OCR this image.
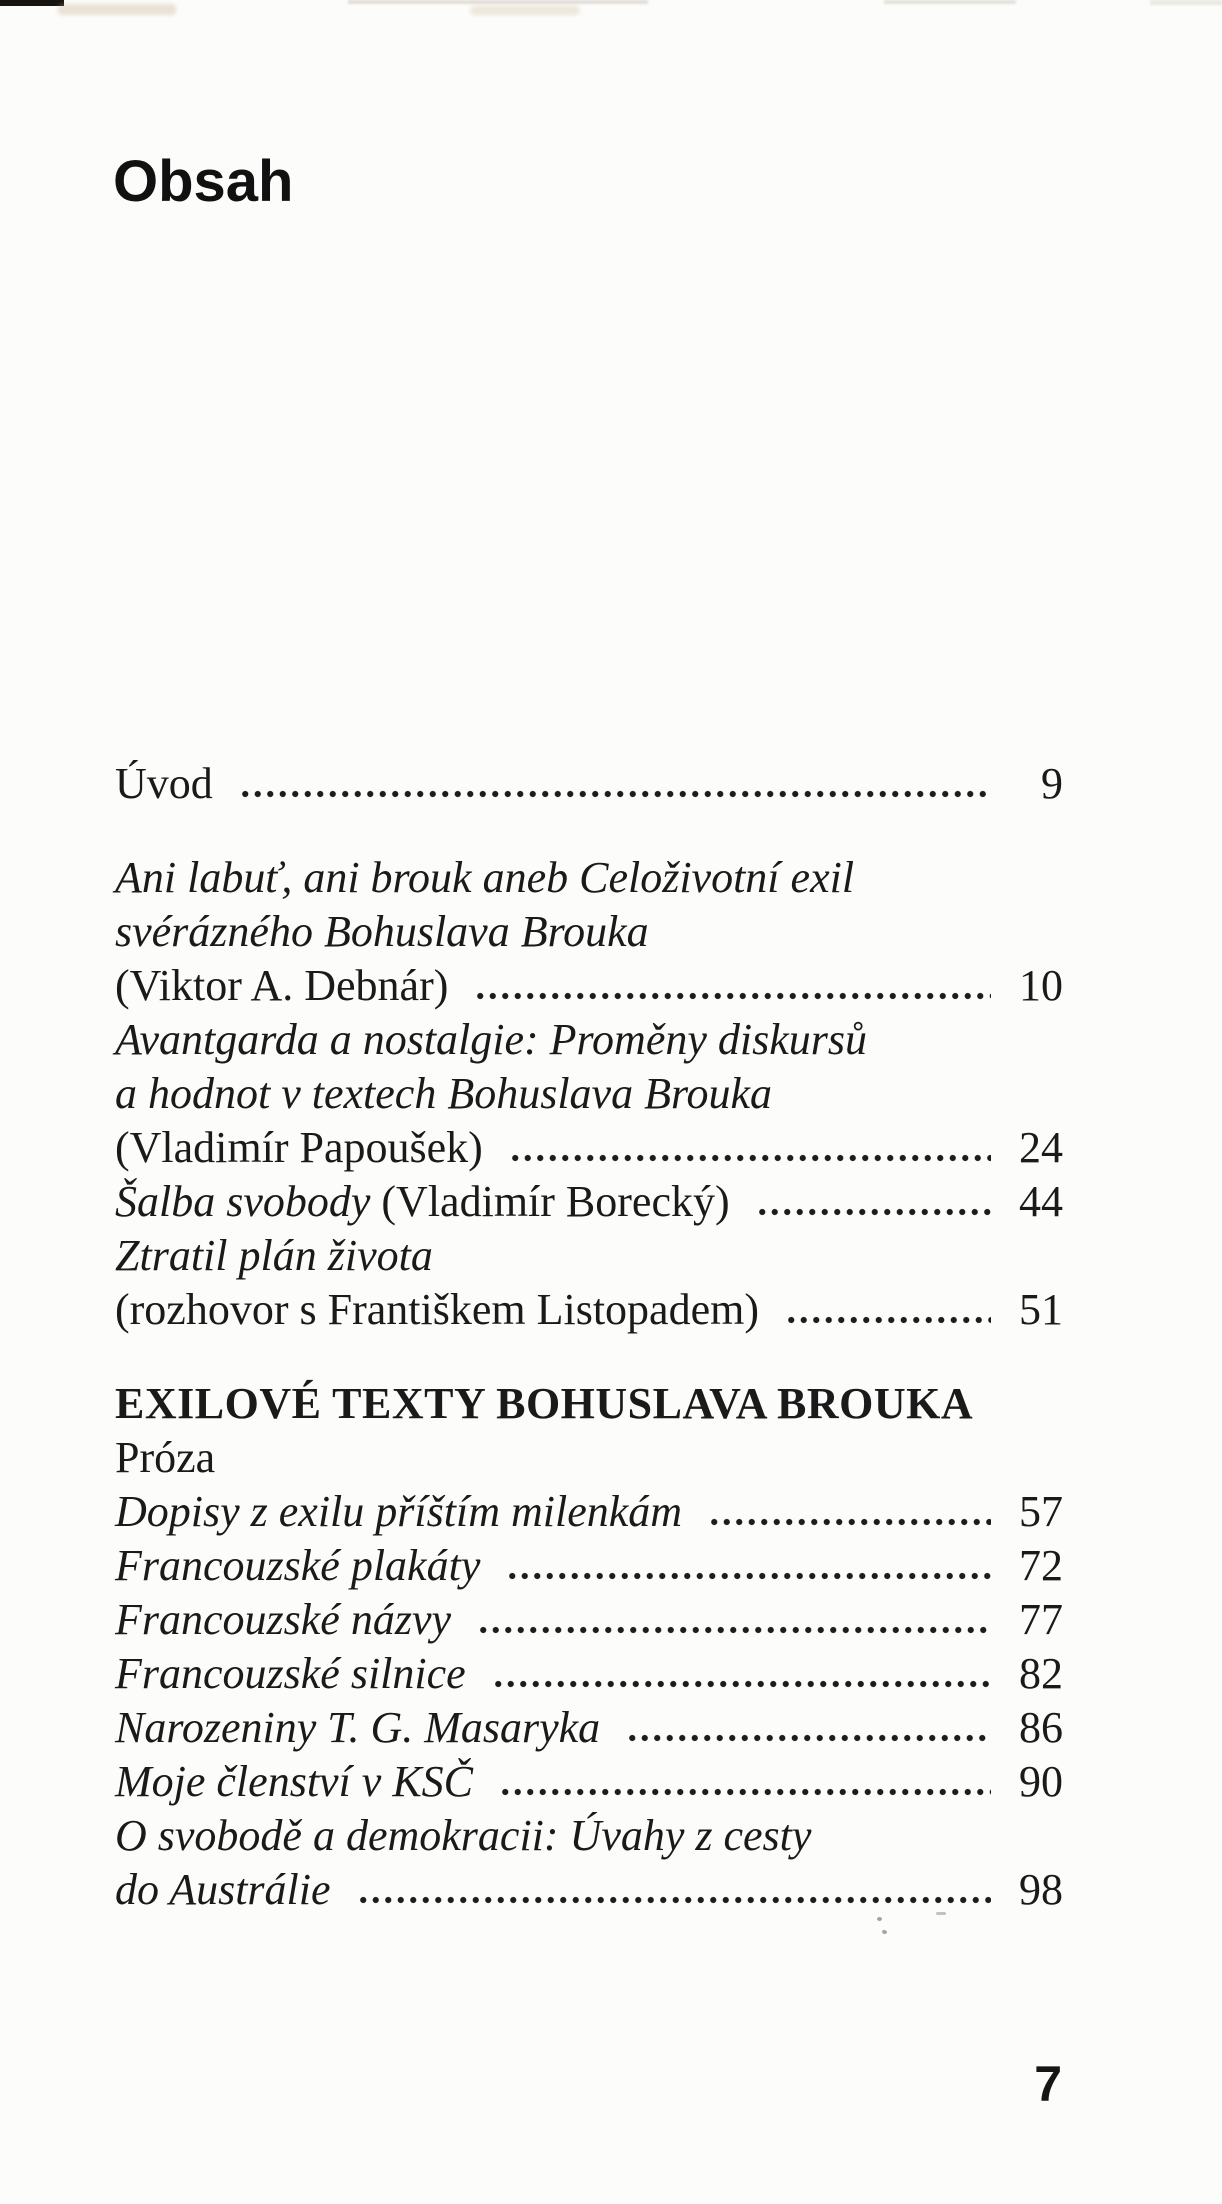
Obsah
Úvod	9
Ani labuť, ani brouk aneb Celoživotní exil
svérázného Bohuslava Brouka
(Viktor A. Debnár)	10
Avantgarda a nostalgie: Proměny diskursů
a hodnot v textech Bohuslava Brouka
(Vladimír Papoušek)	24
Šalba svobody (Vladimír Borecký)	44
Ztratil plán života
(rozhovor s Františkem Listopadem)	51
EXILOVÉ TEXTY BOHUSLAVA BROUKA
Próza
Dopisy z exilu příštím milenkám	57
Francouzské plakáty	72
Francouzské názvy	77
Francouzské silnice	82
Narozeniny T. G. Masaryka	86
Moje členství v KSČ	90
O svobodě a demokracii: Úvahy z cesty
do Austrálie	98
7
